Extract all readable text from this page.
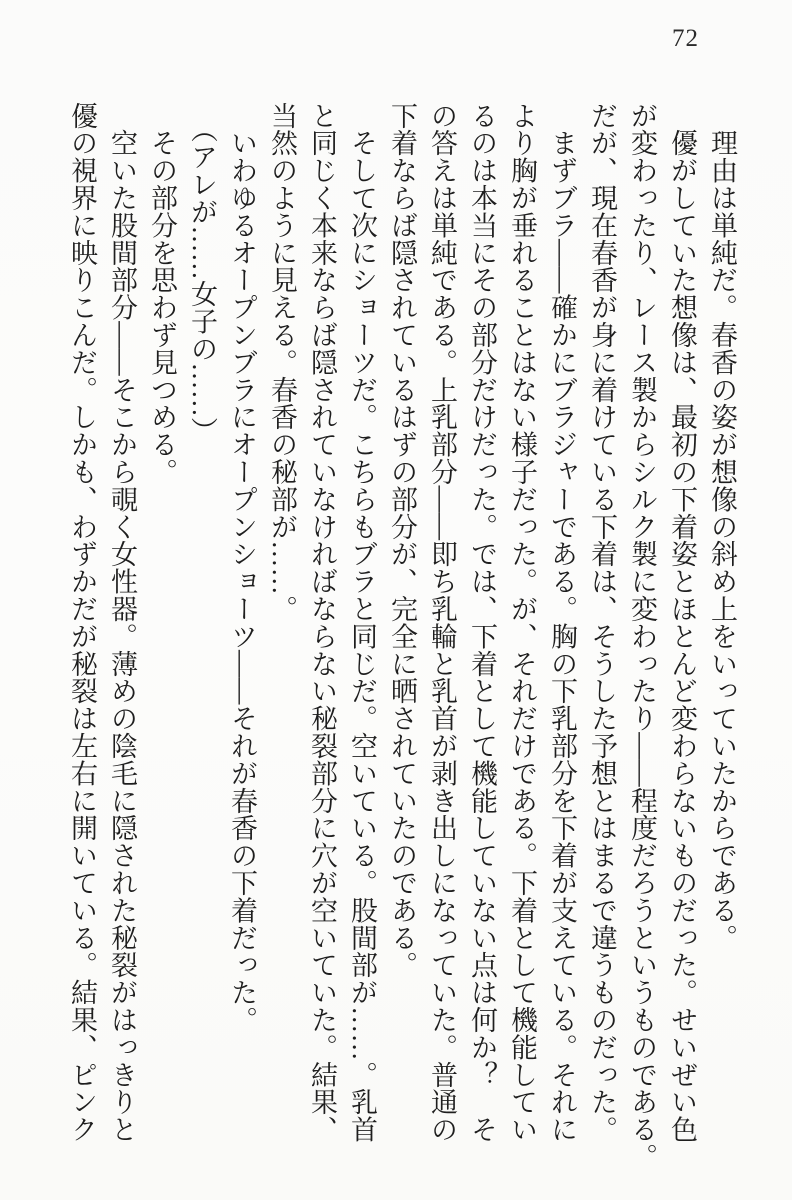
72
　理由は単純だ。春香の姿が想像の斜め上をいっていたからである。
　優がしていた想像は、最初の下着姿とほとんど変わらないものだった。せいぜい色
が変わったり、レース製からシルク製に変わったり――程度だろうというものである。
だが、現在春香が身に着けている下着は、そうした予想とはまるで違うものだった。
　まずブラ――確かにブラジャーである。胸の下乳部分を下着が支えている。それに
より胸が垂れることはない様子だった。が、それだけである。下着として機能してい
るのは本当にその部分だけだった。では、下着として機能していない点は何か？　そ
の答えは単純である。上乳部分――即ち乳輪と乳首が剥き出しになっていた。普通の
下着ならば隠されているはずの部分が、完全に晒されていたのである。
　そして次にショーツだ。こちらもブラと同じだ。空いている。股間部が……。乳首
と同じく本来ならば隠されていなければならない秘裂部分に穴が空いていた。結果、
当然のように見える。春香の秘部が……。
　いわゆるオープンブラにオープンショーツ――それが春香の下着だった。
　（アレが……女子の……）
　その部分を思わず見つめる。
　空いた股間部分――そこから覗く女性器。薄めの陰毛に隠された秘裂がはっきりと
優の視界に映りこんだ。しかも、わずかだが秘裂は左右に開いている。結果、ピンク
